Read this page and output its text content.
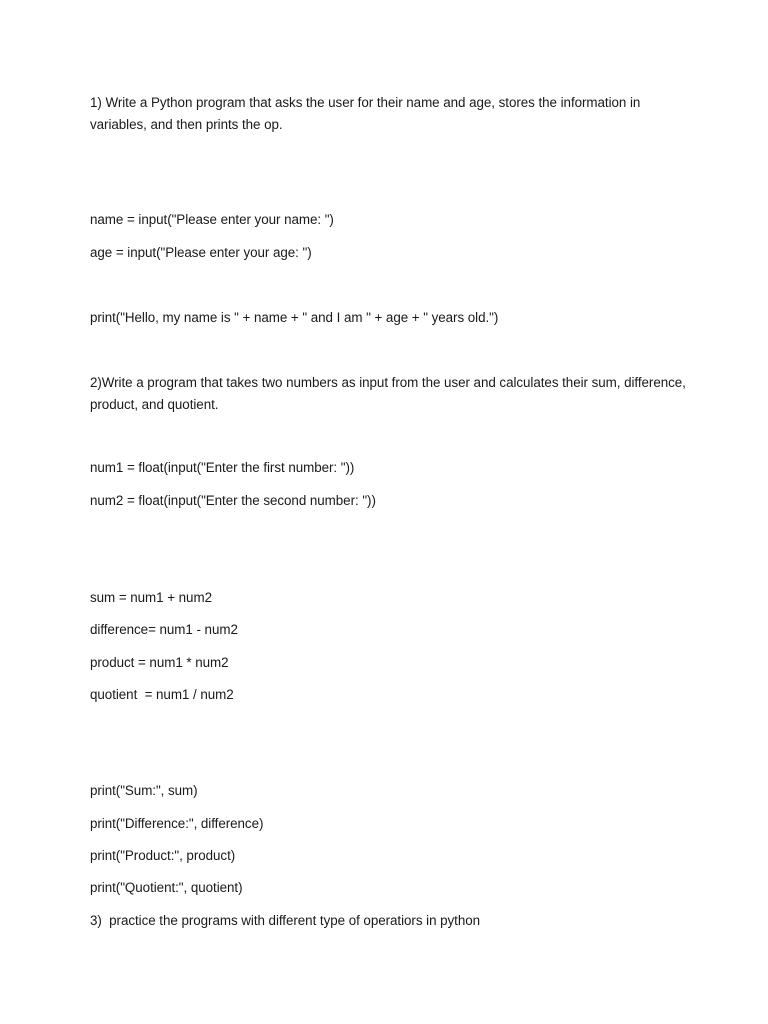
1) Write a Python program that asks the user for their name and age, stores the information in variables, and then prints the op.
name = input("Please enter your name: ")
age = input("Please enter your age: ")
print("Hello, my name is " + name + " and I am " + age + " years old.")
2)Write a program that takes two numbers as input from the user and calculates their sum, difference, product, and quotient.
num1 = float(input("Enter the first number: "))
num2 = float(input("Enter the second number: "))
sum = num1 + num2
difference= num1 - num2
product = num1 * num2
quotient  = num1 / num2
print("Sum:", sum)
print("Difference:", difference)
print("Product:", product)
print("Quotient:", quotient)
3)  practice the programs with different type of operatiors in python
